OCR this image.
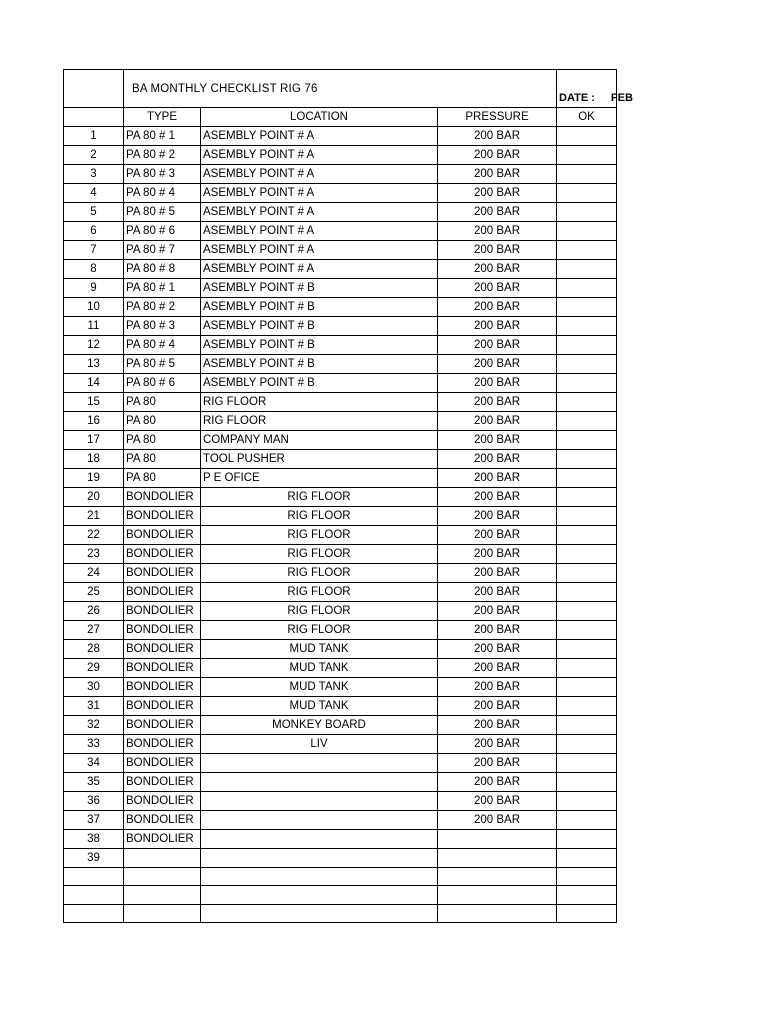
	BA MONTHLY CHECKLIST RIG 76			DATE : FEB
	TYPE	LOCATION	PRESSURE	OK
1	PA 80 # 1	ASEMBLY POINT # A	200 BAR	
2	PA 80 # 2	ASEMBLY POINT # A	200 BAR	
3	PA 80 # 3	ASEMBLY POINT # A	200 BAR	
4	PA 80 # 4	ASEMBLY POINT # A	200 BAR	
5	PA 80 # 5	ASEMBLY POINT # A	200 BAR	
6	PA 80 # 6	ASEMBLY POINT # A	200 BAR	
7	PA 80 # 7	ASEMBLY POINT # A	200 BAR	
8	PA 80 # 8	ASEMBLY POINT # A	200 BAR	
9	PA 80 # 1	ASEMBLY POINT # B	200 BAR	
10	PA 80 # 2	ASEMBLY POINT # B	200 BAR	
11	PA 80 # 3	ASEMBLY POINT # B	200 BAR	
12	PA 80 # 4	ASEMBLY POINT # B	200 BAR	
13	PA 80 # 5	ASEMBLY POINT # B	200 BAR	
14	PA 80 # 6	ASEMBLY POINT # B	200 BAR	
15	PA 80	RIG FLOOR	200 BAR	
16	PA 80	RIG FLOOR	200 BAR	
17	PA 80	COMPANY MAN	200 BAR	
18	PA 80	TOOL PUSHER	200 BAR	
19	PA 80	P E OFICE	200 BAR	
20	BONDOLIER	RIG FLOOR	200 BAR	
21	BONDOLIER	RIG FLOOR	200 BAR	
22	BONDOLIER	RIG FLOOR	200 BAR	
23	BONDOLIER	RIG FLOOR	200 BAR	
24	BONDOLIER	RIG FLOOR	200 BAR	
25	BONDOLIER	RIG FLOOR	200 BAR	
26	BONDOLIER	RIG FLOOR	200 BAR	
27	BONDOLIER	RIG FLOOR	200 BAR	
28	BONDOLIER	MUD TANK	200 BAR	
29	BONDOLIER	MUD TANK	200 BAR	
30	BONDOLIER	MUD TANK	200 BAR	
31	BONDOLIER	MUD TANK	200 BAR	
32	BONDOLIER	MONKEY BOARD	200 BAR	
33	BONDOLIER	LIV	200 BAR	
34	BONDOLIER		200 BAR	
35	BONDOLIER		200 BAR	
36	BONDOLIER		200 BAR	
37	BONDOLIER		200 BAR	
38	BONDOLIER			
39				
